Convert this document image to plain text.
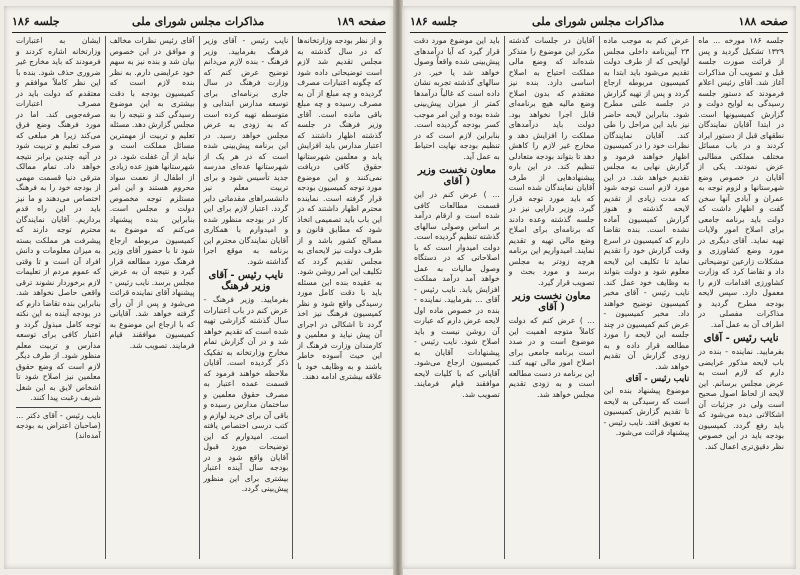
صفحه ۱۸۹
مذاکرات مجلس شورای ملی
جلسه ۱۸۶

و از نظر بودجه وزارتخانه‌ها که در سال گذشته به مجلس تقدیم شد لازم است توضیحاتی داده شود که چگونه اعتبارات مصرف گردیده و چه مبلغ از آن به مصرف رسیده و چه مبلغ باقی مانده است. آقای وزیر فرهنگ در جلسه گذشته اظهار داشتند که اعتبار مدارس باید افزایش یابد و معلمین شهرستانها حقوق کافی دریافت نمی‌کنند و این موضوع مورد توجه کمیسیون بودجه قرار گرفته است. نماینده محترم اظهار داشتند که در این باب باید تصمیمی اتخاذ شود که مطابق قانون و مصالح کشور باشد و از طرف دولت نیز لایحه‌ای به مجلس تقدیم گردد که تکلیف این امر روشن شود. به عقیده بنده این مسئله باید با دقت کامل مورد رسیدگی واقع شود و نظر کمیسیون فرهنگ نیز اخذ گردد تا اشکالی در اجرای آن پیش نیاید و معلمین و کارمندان وزارت فرهنگ از این حیث آسوده خاطر باشند و به وظایف خود با علاقه بیشتری ادامه دهند.

نایب رئیس - آقای وزیر فرهنگ بفرمایید. وزیر فرهنگ - بنده لازم می‌دانم توضیح عرض کنم که وزارت فرهنگ در سال جاری برنامه‌ای برای توسعه مدارس ابتدایی و متوسطه تهیه کرده است که به زودی به عرض مجلس خواهد رسید. در این برنامه پیش‌بینی شده است که در هر یک از شهرستانها عده‌ای مدرسه جدید تأسیس شود و برای تربیت معلم نیز دانشسراهای مقدماتی دایر گردد. اعتبار لازم برای این کار در بودجه منظور شده و امیدوارم با همکاری آقایان نمایندگان محترم این برنامه به موقع اجرا گذاشته شود.

نایب رئیس - آقای وزیر فرهنگ

بفرمایید. وزیر فرهنگ - عرض کنم در باب اعتبارات سال گذشته گزارشی تهیه شده است که تقدیم خواهد شد و در آن گزارش تمام مخارج وزارتخانه به تفکیک ذکر گردیده است. آقایان ملاحظه خواهند فرمود که قسمت عمده اعتبار به مصرف حقوق معلمین و ساختمان مدارس رسیده و باقی آن برای خرید لوازم و کتب درسی اختصاص یافته است. امیدوارم که این توضیحات مورد قبول آقایان واقع شود و در بودجه سال آینده اعتبار بیشتری برای این منظور پیش‌بینی گردد.

آقای رئیس نظرات مخالف و موافق در این خصوص بیان شد و بنده نیز به سهم خود عرایضی دارم. به نظر بنده لازم است که کمیسیون بودجه با دقت بیشتری به این موضوع رسیدگی کند و نتیجه را به مجلس گزارش دهد. مسئله تعلیم و تربیت از مهمترین مسائل مملکت است و نباید از آن غفلت شود. در شهرستانها هنوز عده زیادی از اطفال از نعمت سواد محروم هستند و این امر مستلزم توجه مخصوص دولت و مجلس است. بنابراین بنده پیشنهاد می‌کنم که موضوع به کمیسیون مربوطه ارجاع شود تا با حضور آقای وزیر فرهنگ مورد مطالعه قرار گیرد و نتیجه آن به عرض مجلس برسد. نایب رئیس - پیشنهاد آقای نماینده قرائت می‌شود و پس از آن رأی گرفته خواهد شد. آقایانی که با ارجاع این موضوع به کمیسیون موافقند قیام فرمایند. تصویب شد.

ایشان به اعتبارات وزارتخانه اشاره کردند و فرمودند که باید مخارج غیر ضروری حذف شود. بنده با این نظر کاملاً موافقم و معتقدم که دولت باید در مصرف اعتبارات صرفه‌جویی کند. اما در مورد فرهنگ وضع فرق می‌کند زیرا هر مبلغی که صرف تعلیم و تربیت شود در آتیه چندین برابر نتیجه خواهد داد. تمام ممالک مترقی دنیا قسمت مهمی از بودجه خود را به فرهنگ اختصاص می‌دهند و ما نیز باید در این راه قدم برداریم. آقایان نمایندگان محترم توجه دارند که پیشرفت هر مملکت بسته به میزان معلومات و دانش افراد آن است و تا وقتی که عموم مردم از تعلیمات لازم برخوردار نشوند ترقی واقعی حاصل نخواهد شد. بنابراین بنده تقاضا دارم که در بودجه آینده به این نکته توجه کامل مبذول گردد و اعتبار کافی برای توسعه مدارس و تربیت معلم منظور شود. از طرف دیگر لازم است که وضع حقوق معلمین نیز اصلاح شود تا اشخاص لایق به این شغل شریف رغبت پیدا کنند.

نایب رئیس - آقای دکتر ... (صاحبان اعتراض به بودجه آمده‌اند)

صفحه ۱۸۸
مذاکرات مجلس شورای ملی
جلسه ۱۸۶

جلسه ۱۸۶ مورخه ... ماه ۱۳۲۹ تشکیل گردید و پس از قرائت صورت جلسه قبل و تصویب آن مذاکرات آغاز شد. آقای رئیس اعلام فرمودند که دستور جلسه رسیدگی به لوایح دولت و گزارش کمیسیونها است. در ابتدا آقایان نمایندگان نطقهای قبل از دستور ایراد کردند و در باب مسائل مختلف مملکتی مطالبی عرض نمودند. یکی از آقایان در خصوص وضع شهرستانها و لزوم توجه به عمران و آبادی آنها سخن گفت و اظهار داشت که دولت باید برنامه جامعی برای اصلاح امور ولایات تهیه نماید. آقای دیگری در مورد وضع کشاورزی و مشکلات زارعین توضیحاتی داد و تقاضا کرد که وزارت کشاورزی اقدامات لازم را معمول دارد. سپس لایحه بودجه مطرح گردید و مذاکرات مفصلی در اطراف آن به عمل آمد.

نایب رئیس - آقای

بفرمایید. نماینده - بنده در باب لایحه مذکور عرایضی دارم که لازم است به عرض مجلس برسانم. این لایحه از لحاظ اصول صحیح است ولی در جزئیات آن اشکالاتی دیده می‌شود که باید رفع گردد. کمیسیون بودجه باید در این خصوص نظر دقیق‌تری اعمال کند.

عرض کنم به موجب ماده ۲۳ آیین‌نامه داخلی مجلس لوایحی که از طرف دولت تقدیم می‌شود باید ابتدا به کمیسیون مربوطه ارجاع گردد و پس از تهیه گزارش در جلسه علنی مطرح شود. بنابراین لایحه حاضر نیز باید این مراحل را طی کند. آقایان نمایندگان نظرات خود را در کمیسیون اظهار خواهند فرمود و گزارش نهایی به مجلس تقدیم خواهد شد. در این مورد لازم است توجه شود که مدت زیادی از تقدیم لایحه گذشته و هنوز گزارش کمیسیون آماده نشده است. بنده تقاضا دارم که کمیسیون در اسرع وقت گزارش خود را تقدیم نماید تا تکلیف این لایحه معلوم شود و دولت بتواند به وظایف خود عمل کند. نایب رئیس - آقای مخبر کمیسیون توضیح خواهند داد. مخبر کمیسیون - عرض کنم کمیسیون در چند جلسه این لایحه را مورد مطالعه قرار داده و به زودی گزارش آن تقدیم خواهد شد.

نایب رئیس - آقای

موضوع پیشنهاد بنده این است که رسیدگی به لایحه تا تقدیم گزارش کمیسیون به تعویق افتد. نایب رئیس - پیشنهاد قرائت می‌شود.

آقایان در جلسات گذشته مکرر این موضوع را متذکر شده‌اند که وضع مالی مملکت احتیاج به اصلاح اساسی دارد. بنده نیز معتقدم که بدون اصلاح وضع مالیه هیچ برنامه‌ای قابل اجرا نخواهد بود. دولت باید درآمدهای مملکت را افزایش دهد و مخارج غیر لازم را کاهش دهد تا بتواند بودجه متعادلی تنظیم کند. در این باره پیشنهادهایی از طرف آقایان نمایندگان شده است که باید مورد توجه قرار گیرد. وزیر دارایی نیز در جلسه گذشته وعده دادند که برنامه‌ای برای اصلاح وضع مالی تهیه و تقدیم نمایند. امیدواریم این برنامه هرچه زودتر به مجلس برسد و مورد بحث و تصویب قرار گیرد.

معاون نخست وزیر ( آقای

... ) عرض کنم که دولت کاملاً متوجه اهمیت این موضوع است و در صدد است برنامه جامعی برای اصلاح امور مالی تهیه کند. این برنامه در دست مطالعه است و به زودی تقدیم مجلس خواهد شد.

باید این موضوع مورد دقت قرار گیرد که آیا درآمدهای پیش‌بینی شده واقعاً وصول خواهد شد یا خیر. در سالهای گذشته تجربه نشان داده است که غالباً درآمدها کمتر از میزان پیش‌بینی شده بوده و این امر موجب کسر بودجه گردیده است. بنابراین لازم است که در تنظیم بودجه نهایت احتیاط به عمل آید.

معاون نخست وزیر ( آقای

... ) عرض کنم در این قسمت مطالعات کافی شده است و ارقام درآمد بر اساس وصولی سالهای گذشته تنظیم گردیده است. دولت امیدوار است که با اصلاحاتی که در دستگاه وصول مالیات به عمل خواهد آمد درآمد مملکت افزایش یابد. نایب رئیس - آقای ... بفرمایید. نماینده - بنده در خصوص ماده اول لایحه عرض دارم که عبارت آن روشن نیست و باید اصلاح شود. نایب رئیس - پیشنهادات آقایان به کمیسیون ارجاع می‌شود. آقایانی که با کلیات لایحه موافقند قیام فرمایند. تصویب شد.
